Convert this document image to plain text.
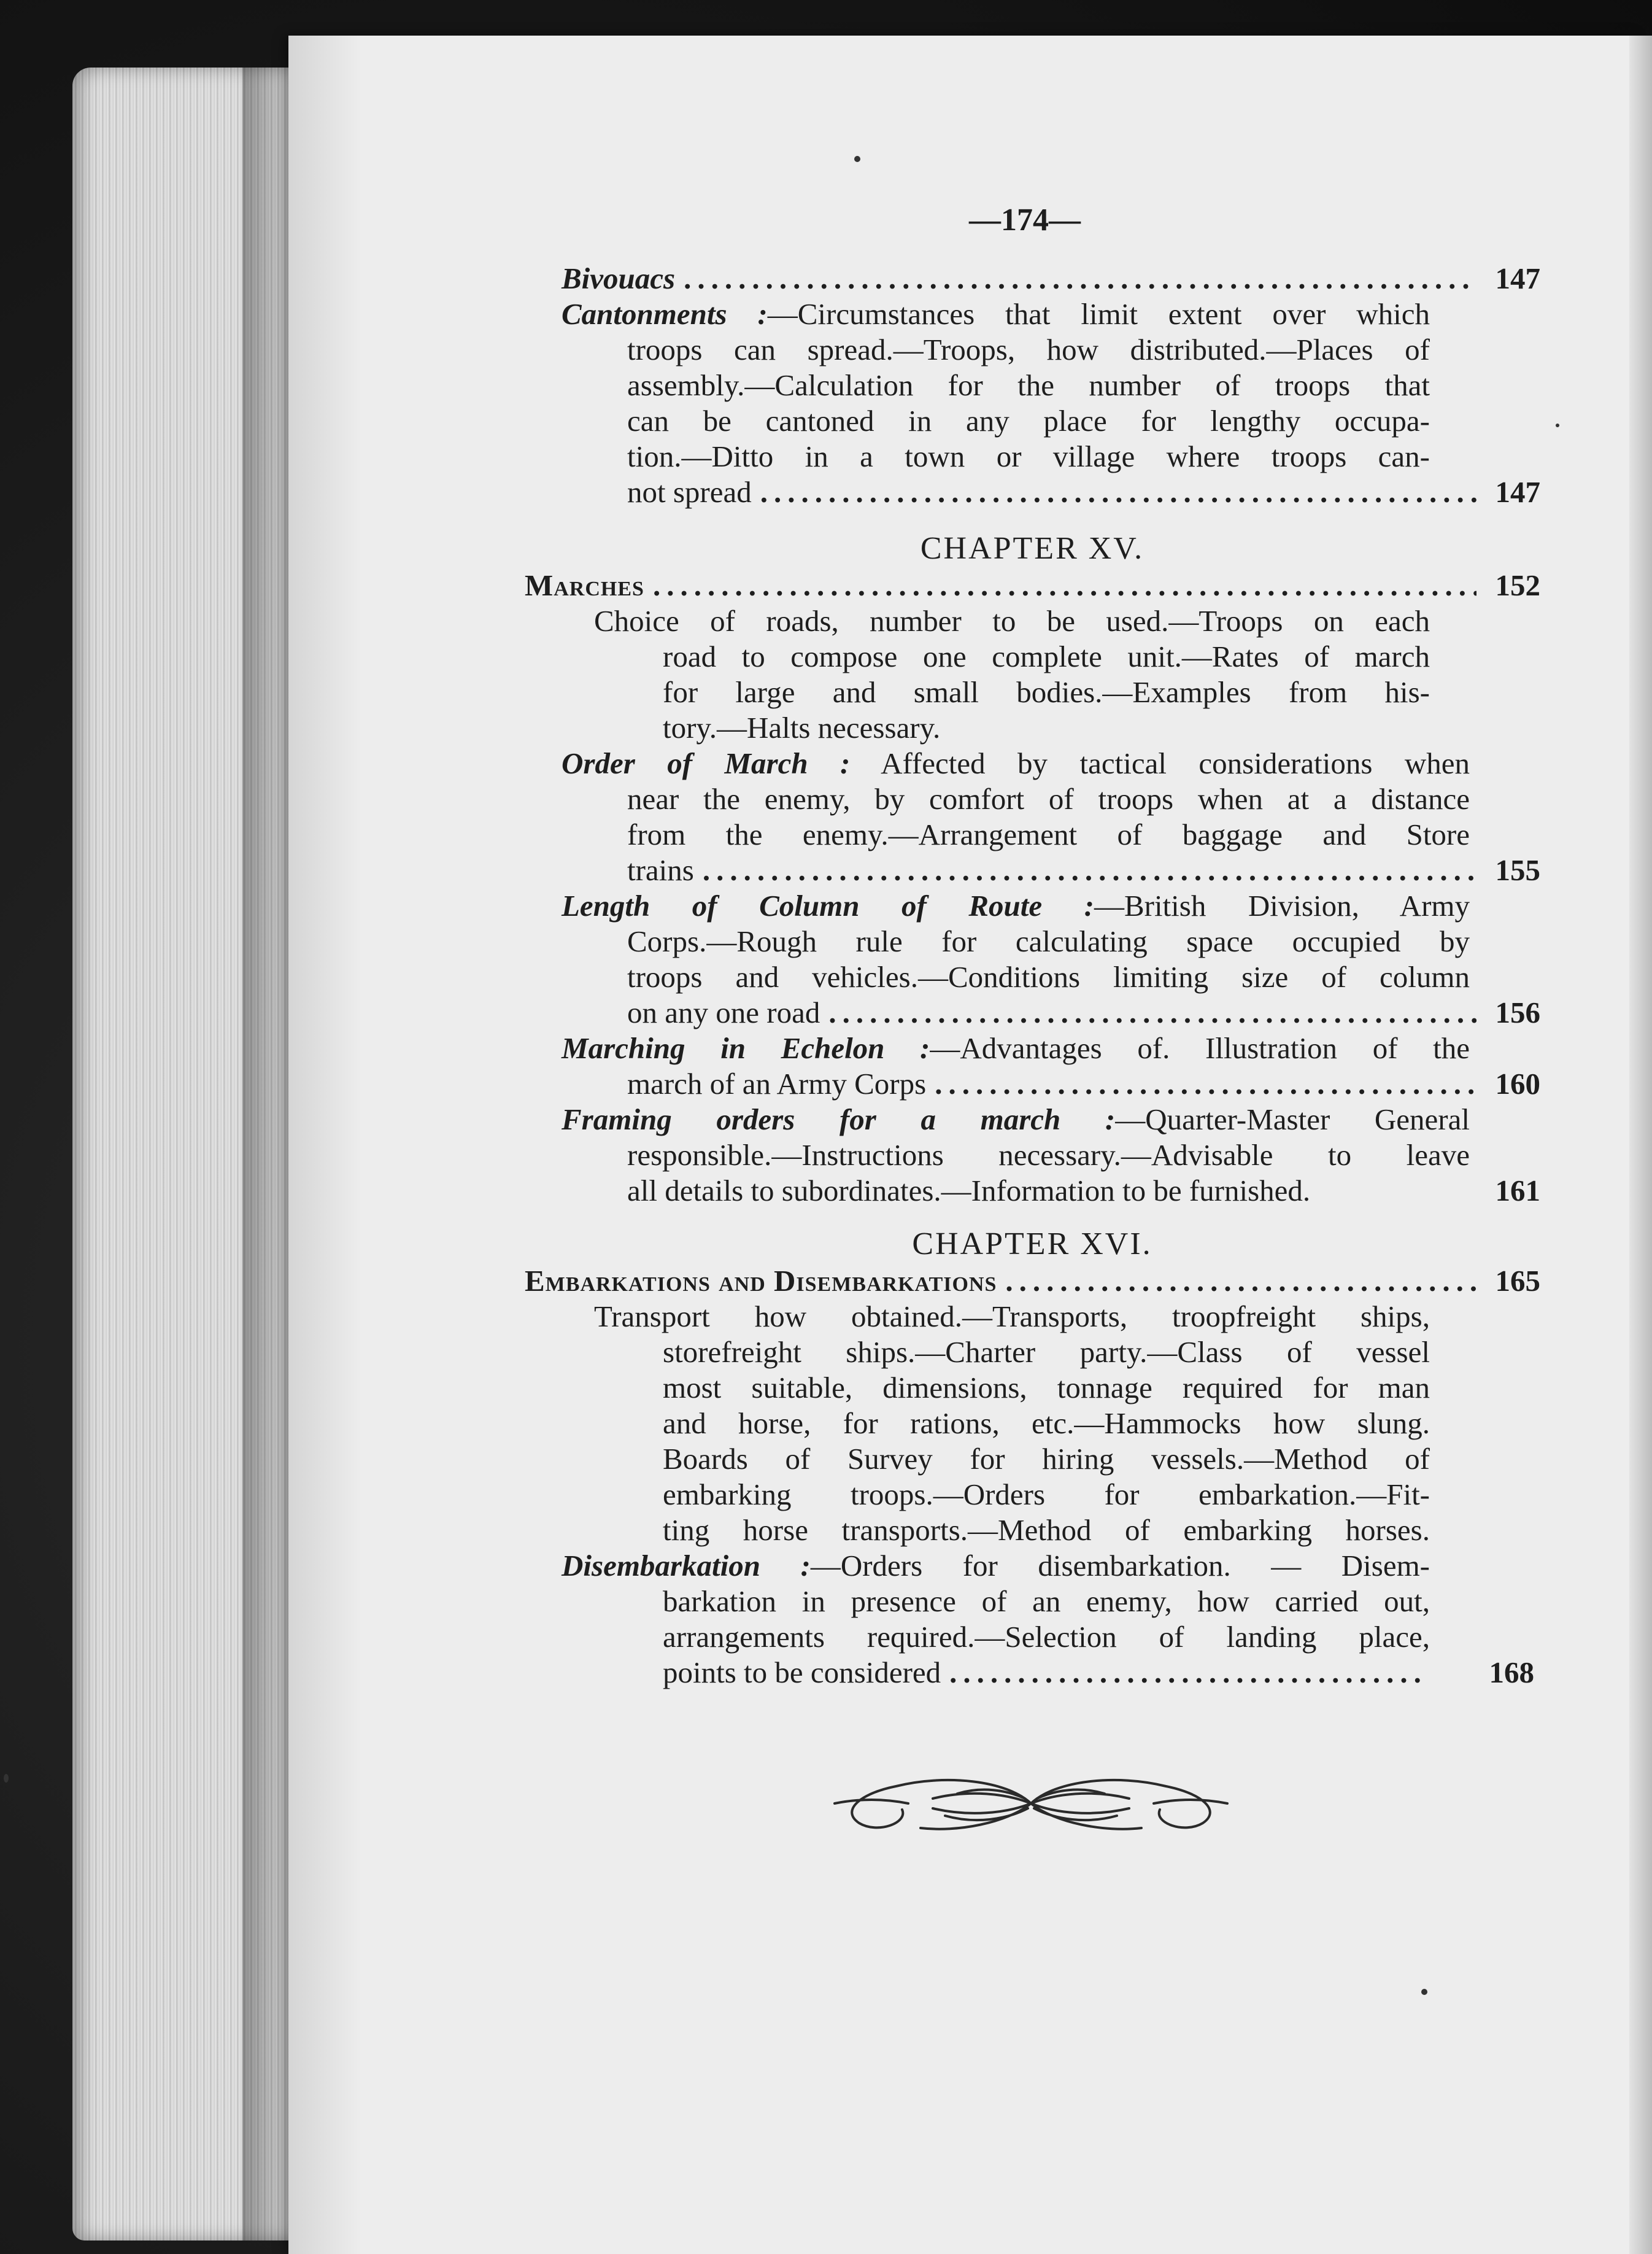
—174—
Bivouacs .....	147
Cantonments :—Circumstances that limit extent over which
troops can spread.—Troops, how distributed.—Places of
assembly.—Calculation for the number of troops that
can be cantoned in any place for lengthy occupa-
tion.—Ditto in a town or village where troops can-
not spread .....	147
CHAPTER XV.
Marches .....	152
Choice of roads, number to be used.—Troops on each
road to compose one complete unit.—Rates of march
for large and small bodies.—Examples from his-
tory.—Halts necessary.
Order of March : Affected by tactical considerations when
near the enemy, by comfort of troops when at a distance
from the enemy.—Arrangement of baggage and Store
trains .....	155
Length of Column of Route :—British Division, Army
Corps.—Rough rule for calculating space occupied by
troops and vehicles.—Conditions limiting size of column
on any one road .....	156
Marching in Echelon :—Advantages of. Illustration of the
march of an Army Corps .....	160
Framing orders for a march :—Quarter-Master General
responsible.—Instructions necessary.—Advisable to leave
all details to subordinates.—Information to be furnished.	161
CHAPTER XVI.
Embarkations and Disembarkations .....	165
Transport how obtained.—Transports, troopfreight ships,
storefreight ships.—Charter party.—Class of vessel
most suitable, dimensions, tonnage required for man
and horse, for rations, etc.—Hammocks how slung.
Boards of Survey for hiring vessels.—Method of
embarking troops.—Orders for embarkation.—Fit-
ting horse transports.—Method of embarking horses.
Disembarkation :—Orders for disembarkation. — Disem-
barkation in presence of an enemy, how carried out,
arrangements required.—Selection of landing place,
points to be considered .....	168
